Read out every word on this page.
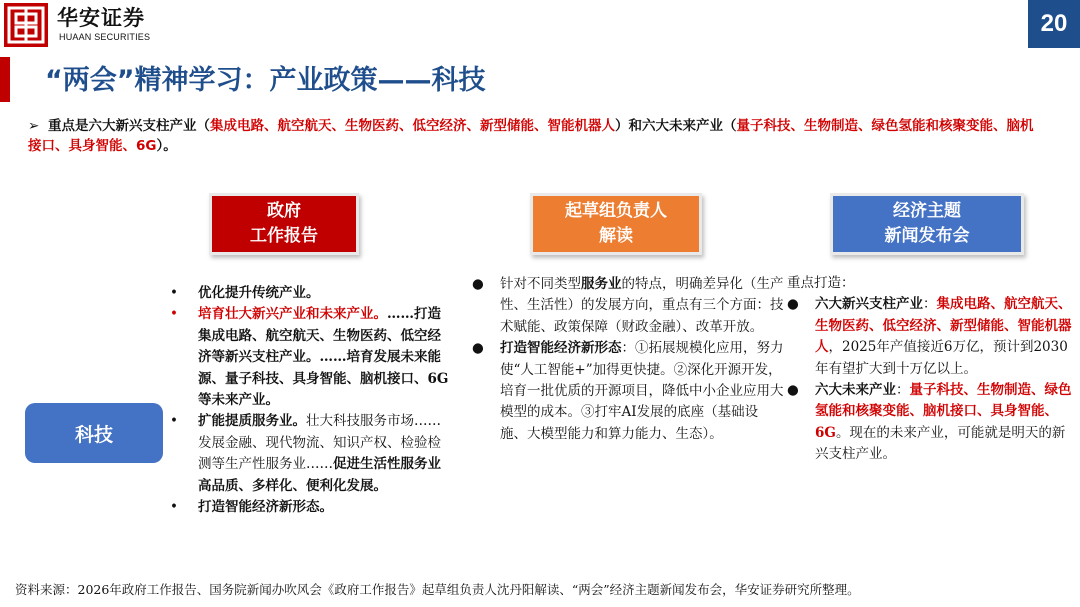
华安证券
HUAAN SECURITIES	20
“两会”精神学习：产业政策——科技
➢ 重点是六大新兴支柱产业（集成电路、航空航天、生物医药、低空经济、新型储能、智能机器人）和六大未来产业（量子科技、生物制造、绿色氢能和核聚变能、脑机接口、具身智能、6G）。
政府
工作报告
起草组负责人
解读
经济主题
新闻发布会
科技
• 优化提升传统产业。
• 培育壮大新兴产业和未来产业。……打造集成电路、航空航天、生物医药、低空经济等新兴支柱产业。……培育发展未来能源、量子科技、具身智能、脑机接口、6G等未来产业。
• 扩能提质服务业。壮大科技服务市场……发展金融、现代物流、知识产权、检验检测等生产性服务业……促进生活性服务业高品质、多样化、便利化发展。
• 打造智能经济新形态。
● 针对不同类型服务业的特点，明确差异化（生产性、生活性）的发展方向，重点有三个方面：技术赋能、政策保障（财政金融）、改革开放。
● 打造智能经济新形态：①拓展规模化应用，努力使“人工智能+”加得更快捷。②深化开源开发，培育一批优质的开源项目，降低中小企业应用大模型的成本。③打牢AI发展的底座（基础设施、大模型能力和算力能力、生态）。
重点打造：
● 六大新兴支柱产业：集成电路、航空航天、生物医药、低空经济、新型储能、智能机器人，2025年产值接近6万亿，预计到2030年有望扩大到十万亿以上。
● 六大未来产业：量子科技、生物制造、绿色氢能和核聚变能、脑机接口、具身智能、6G。现在的未来产业，可能就是明天的新兴支柱产业。
资料来源：2026年政府工作报告、国务院新闻办吹风会《政府工作报告》起草组负责人沈丹阳解读、“两会”经济主题新闻发布会，华安证券研究所整理。
